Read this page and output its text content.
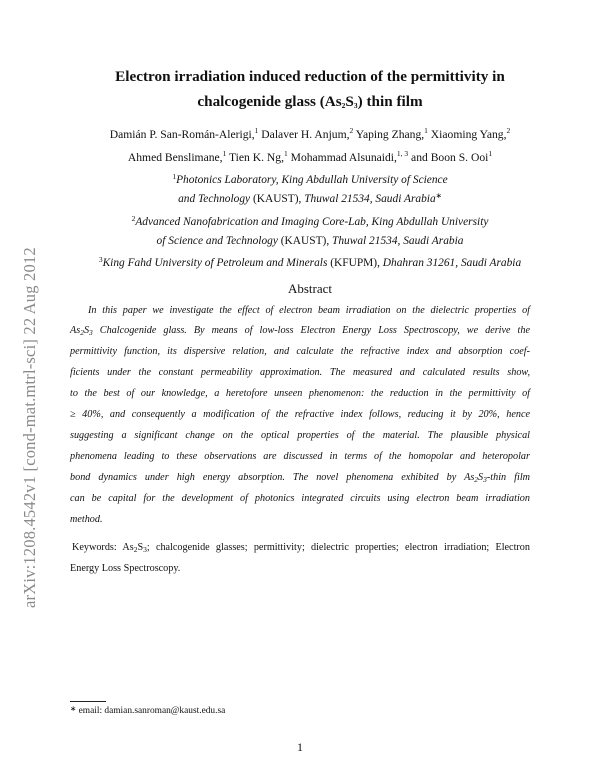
arXiv:1208.4542v1 [cond-mat.mtrl-sci] 22 Aug 2012
Electron irradiation induced reduction of the permittivity in
chalcogenide glass $(As_2S_3)$ thin film
Damián P. San-Román-Alerigi,$^1$ Dalaver H. Anjum,$^2$ Yaping Zhang,$^1$ Xiaoming Yang,$^2$
Ahmed Benslimane,$^1$ Tien K. Ng,$^1$ Mohammad Alsunaidi,$^{1, 3}$ and Boon S. Ooi$^1$
$^1$Photonics Laboratory, King Abdullah University of Science
and Technology (KAUST), Thuwal 21534, Saudi Arabia∗
$^2$Advanced Nanofabrication and Imaging Core-Lab, King Abdullah University
of Science and Technology (KAUST), Thuwal 21534, Saudi Arabia
$^3$King Fahd University of Petroleum and Minerals (KFUPM), Dhahran 31261, Saudi Arabia
Abstract
In this paper we investigate the effect of electron beam irradiation on the dielectric properties of
$As_2S_3$ Chalcogenide glass. By means of low-loss Electron Energy Loss Spectroscopy, we derive the
permittivity function, its dispersive relation, and calculate the refractive index and absorption coef-
ficients under the constant permeability approximation. The measured and calculated results show,
to the best of our knowledge, a heretofore unseen phenomenon: the reduction in the permittivity of
≥ 40%, and consequently a modification of the refractive index follows, reducing it by 20%, hence
suggesting a significant change on the optical properties of the material. The plausible physical
phenomena leading to these observations are discussed in terms of the homopolar and heteropolar
bond dynamics under high energy absorption. The novel phenomena exhibited by $As_2S_3$-thin film
can be capital for the development of photonics integrated circuits using electron beam irradiation
method.
Keywords: $As_2S_3$; chalcogenide glasses; permittivity; dielectric properties; electron irradiation; Electron
Energy Loss Spectroscopy.
∗ email: damian.sanroman@kaust.edu.sa
1
